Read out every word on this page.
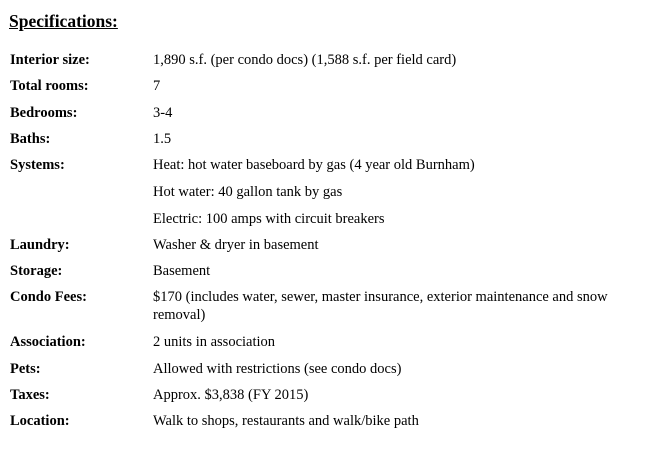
Specifications:
Interior size:	1,890 s.f. (per condo docs) (1,588 s.f. per field card)
Total rooms:	7
Bedrooms:	3-4
Baths:	1.5
Systems:	Heat: hot water baseboard by gas (4 year old Burnham)
Hot water: 40 gallon tank by gas
Electric: 100 amps with circuit breakers
Laundry:	Washer & dryer in basement
Storage:	Basement
Condo Fees:	$170 (includes water, sewer, master insurance, exterior maintenance and snow removal)
Association:	2 units in association
Pets:	Allowed with restrictions (see condo docs)
Taxes:	Approx. $3,838 (FY 2015)
Location:	Walk to shops, restaurants and walk/bike path
